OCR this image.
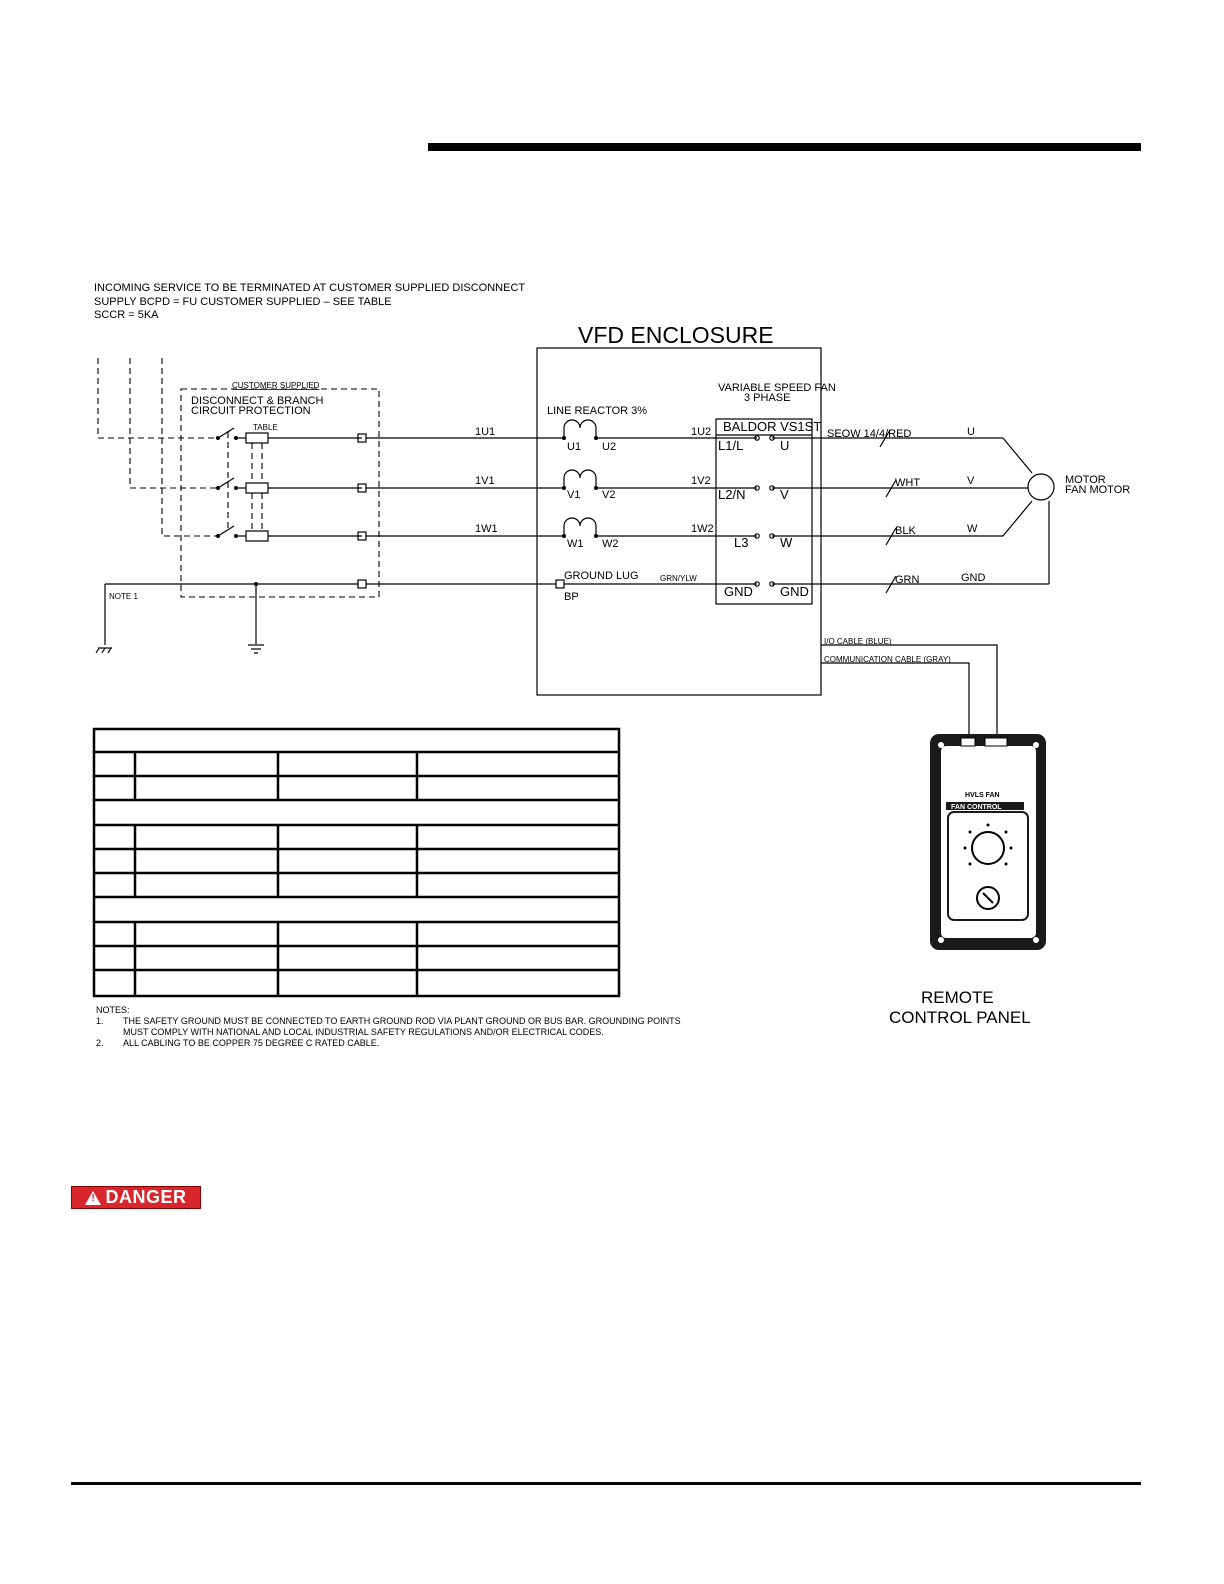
INCOMING SERVICE TO BE TERMINATED AT CUSTOMER SUPPLIED DISCONNECT
SUPPLY BCPD = FU CUSTOMER SUPPLIED – SEE TABLE
SCCR = 5KA
CUSTOMER SUPPLIED
DISCONNECT & BRANCH
CIRCUIT PROTECTION
TABLE
NOTE 1
1U1
1V1
1W1
VFD ENCLOSURE
LINE REACTOR 3%
U1
V1
W1
U2
V2
W2
1U2
1V2
1W2
GROUND LUG
BP
GRN/YLW
VARIABLE SPEED FAN
3 PHASE
BALDOR VS1ST
L1/L
L2/N
L3
GND
U
V
W
GND
SEOW 14/4/RED
WHT
BLK
GRN
U
V
W
GND
MOTOR
FAN MOTOR
I/O CABLE (BLUE)
COMMUNICATION CABLE (GRAY)
HVLS FAN
FAN CONTROL
REMOTE
CONTROL PANEL
NOTES:
1. THE SAFETY GROUND MUST BE CONNECTED TO EARTH GROUND ROD VIA PLANT GROUND OR BUS BAR. GROUNDING POINTS
MUST COMPLY WITH NATIONAL AND LOCAL INDUSTRIAL SAFETY REGULATIONS AND/OR ELECTRICAL CODES.
2. ALL CABLING TO BE COPPER 75 DEGREE C RATED CABLE.
!
DANGER
